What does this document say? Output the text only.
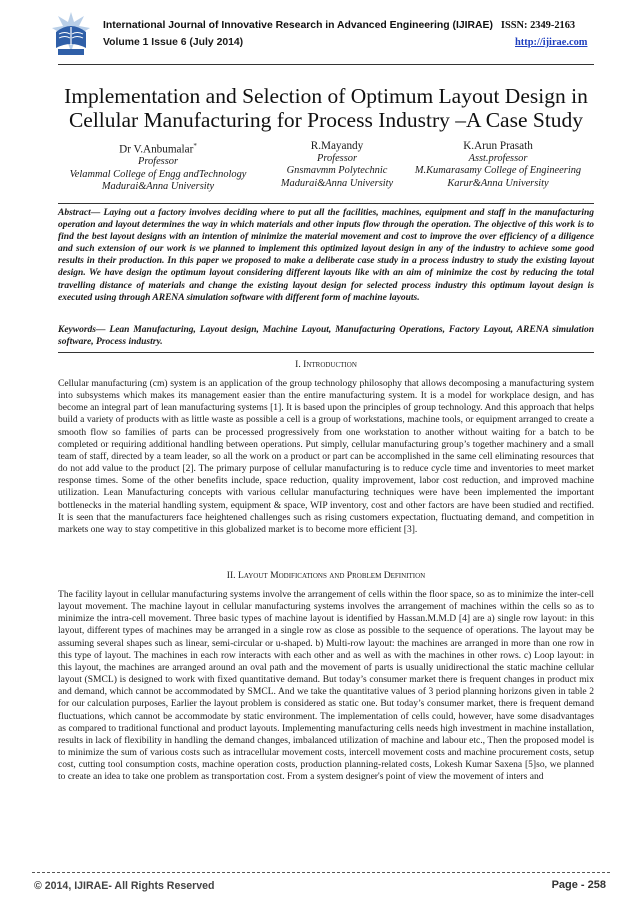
International Journal of Innovative Research in Advanced Engineering (IJIRAE) ISSN: 2349-2163
Volume 1 Issue 6 (July 2014)	http://ijirae.com
Implementation and Selection of Optimum Layout Design in Cellular Manufacturing for Process Industry –A Case Study
Dr V.Anbumalar*
Professor
Velammal College of Engg andTechnology
Madurai&Anna University
R.Mayandy
Professor
Gnsmavmm Polytechnic
Madurai&Anna University
K.Arun Prasath
Asst.professor
M.Kumarasamy College of Engineering
Karur&Anna University
Abstract— Laying out a factory involves deciding where to put all the facilities, machines, equipment and staff in the manufacturing operation and layout determines the way in which materials and other inputs flow through the operation. The objective of this work is to find the best layout designs with an intention of minimize the material movement and cost to improve the over efficiency of a diligence and such extension of our work is we planned to implement this optimized layout design in any of the industry to achieve some good results in their production. In this paper we proposed to make a deliberate case study in a process industry to study the existing layout design. We have design the optimum layout considering different layouts like with an aim of minimize the cost by reducing the total travelling distance of materials and change the existing layout design for selected process industry this optimum layout design is executed using through ARENA simulation software with different form of machine layouts.
Keywords— Lean Manufacturing, Layout design, Machine Layout, Manufacturing Operations, Factory Layout, ARENA simulation software, Process industry.
I. Introduction
Cellular manufacturing (cm) system is an application of the group technology philosophy that allows decomposing a manufacturing system into subsystems which makes its management easier than the entire manufacturing system. It is a model for workplace design, and has become an integral part of lean manufacturing systems [1]. It is based upon the principles of group technology. And this approach that helps build a variety of products with as little waste as possible a cell is a group of workstations, machine tools, or equipment arranged to create a smooth flow so families of parts can be processed progressively from one workstation to another without waiting for a batch to be completed or requiring additional handling between operations. Put simply, cellular manufacturing group’s together machinery and a small team of staff, directed by a team leader, so all the work on a product or part can be accomplished in the same cell eliminating resources that do not add value to the product [2]. The primary purpose of cellular manufacturing is to reduce cycle time and inventories to meet market response times. Some of the other benefits include, space reduction, quality improvement, labor cost reduction, and improved machine utilization. Lean Manufacturing concepts with various cellular manufacturing techniques were have been implemented the important bottlenecks in the material handling system, equipment & space, WIP inventory, cost and other factors are have been studied and rectified. It is seen that the manufacturers face heightened challenges such as rising customers expectation, fluctuating demand, and competition in markets one way to stay competitive in this globalized market is to become more efficient [3].
II. Layout Modifications and Problem Definition
The facility layout in cellular manufacturing systems involve the arrangement of cells within the floor space, so as to minimize the inter-cell layout movement. The machine layout in cellular manufacturing systems involves the arrangement of machines within the cells so as to minimize the intra-cell movement. Three basic types of machine layout is identified by Hassan.M.M.D [4] are a) single row layout: in this layout, different types of machines may be arranged in a single row as close as possible to the sequence of operations. The layout may be assuming several shapes such as linear, semi-circular or u-shaped. b) Multi-row layout: the machines are arranged in more than one row in this type of layout. The machines in each row interacts with each other and as well as with the machines in other rows. c) Loop layout: in this layout, the machines are arranged around an oval path and the movement of parts is usually unidirectional the static machine cellular layout (SMCL) is designed to work with fixed quantitative demand. But today’s consumer market there is frequent changes in product mix and demand, which cannot be accommodated by SMCL. And we take the quantitative values of 3 period planning horizons given in table 2 for our calculation purposes, Earlier the layout problem is considered as static one. But today’s consumer market, there is frequent demand fluctuations, which cannot be accommodate by static environment. The implementation of cells could, however, have some disadvantages as compared to traditional functional and product layouts. Implementing manufacturing cells needs high investment in machine installation, results in lack of flexibility in handling the demand changes, imbalanced utilization of machine and labour etc., Then the proposed model is to minimize the sum of various costs such as intracellular movement costs, intercell movement costs and machine procurement costs, setup cost, cutting tool consumption costs, machine operation costs, production planning-related costs, Lokesh Kumar Saxena [5]so, we planned to create an idea to take one problem as transportation cost. From a system designer's point of view the movement of inters and
© 2014, IJIRAE- All Rights Reserved	Page - 258
